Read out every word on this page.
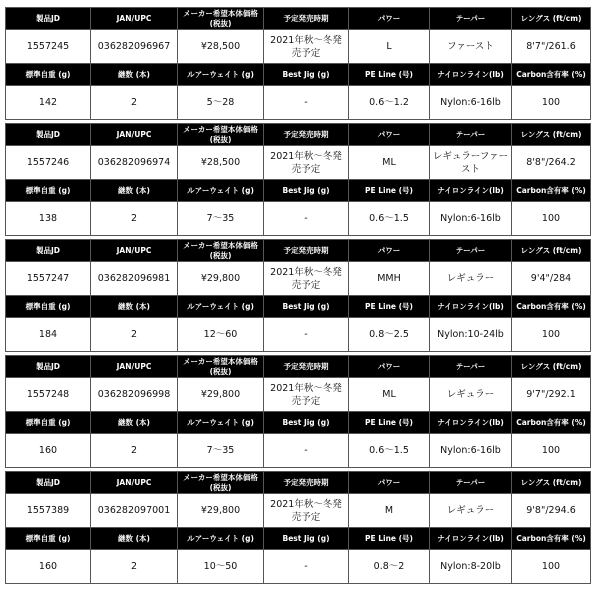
製品JD	JAN/UPC	メーカー希望本体価格(税抜)	予定発売時期	パワー	テーパー	レングス (ft/cm)
1557245	036282096967	¥28,500	2021年秋〜冬発売予定	L	ファースト	8'7"/261.6
標準自重 (g)	継数 (本)	ルアーウェイト (g)	Best Jig (g)	PE Line (号)	ナイロンライン(lb)	Carbon含有率 (%)
142	2	5〜28	-	0.6〜1.2	Nylon:6-16lb	100
製品JD	JAN/UPC	メーカー希望本体価格(税抜)	予定発売時期	パワー	テーパー	レングス (ft/cm)
1557246	036282096974	¥28,500	2021年秋〜冬発売予定	ML	レギュラーファースト	8'8"/264.2
標準自重 (g)	継数 (本)	ルアーウェイト (g)	Best Jig (g)	PE Line (号)	ナイロンライン(lb)	Carbon含有率 (%)
138	2	7〜35	-	0.6〜1.5	Nylon:6-16lb	100
製品JD	JAN/UPC	メーカー希望本体価格(税抜)	予定発売時期	パワー	テーパー	レングス (ft/cm)
1557247	036282096981	¥29,800	2021年秋〜冬発売予定	MMH	レギュラー	9'4"/284
標準自重 (g)	継数 (本)	ルアーウェイト (g)	Best Jig (g)	PE Line (号)	ナイロンライン(lb)	Carbon含有率 (%)
184	2	12〜60	-	0.8〜2.5	Nylon:10-24lb	100
製品JD	JAN/UPC	メーカー希望本体価格(税抜)	予定発売時期	パワー	テーパー	レングス (ft/cm)
1557248	036282096998	¥29,800	2021年秋〜冬発売予定	ML	レギュラー	9'7"/292.1
標準自重 (g)	継数 (本)	ルアーウェイト (g)	Best Jig (g)	PE Line (号)	ナイロンライン(lb)	Carbon含有率 (%)
160	2	7〜35	-	0.6〜1.5	Nylon:6-16lb	100
製品JD	JAN/UPC	メーカー希望本体価格(税抜)	予定発売時期	パワー	テーパー	レングス (ft/cm)
1557389	036282097001	¥29,800	2021年秋〜冬発売予定	M	レギュラー	9'8"/294.6
標準自重 (g)	継数 (本)	ルアーウェイト (g)	Best Jig (g)	PE Line (号)	ナイロンライン(lb)	Carbon含有率 (%)
160	2	10〜50	-	0.8〜2	Nylon:8-20lb	100
